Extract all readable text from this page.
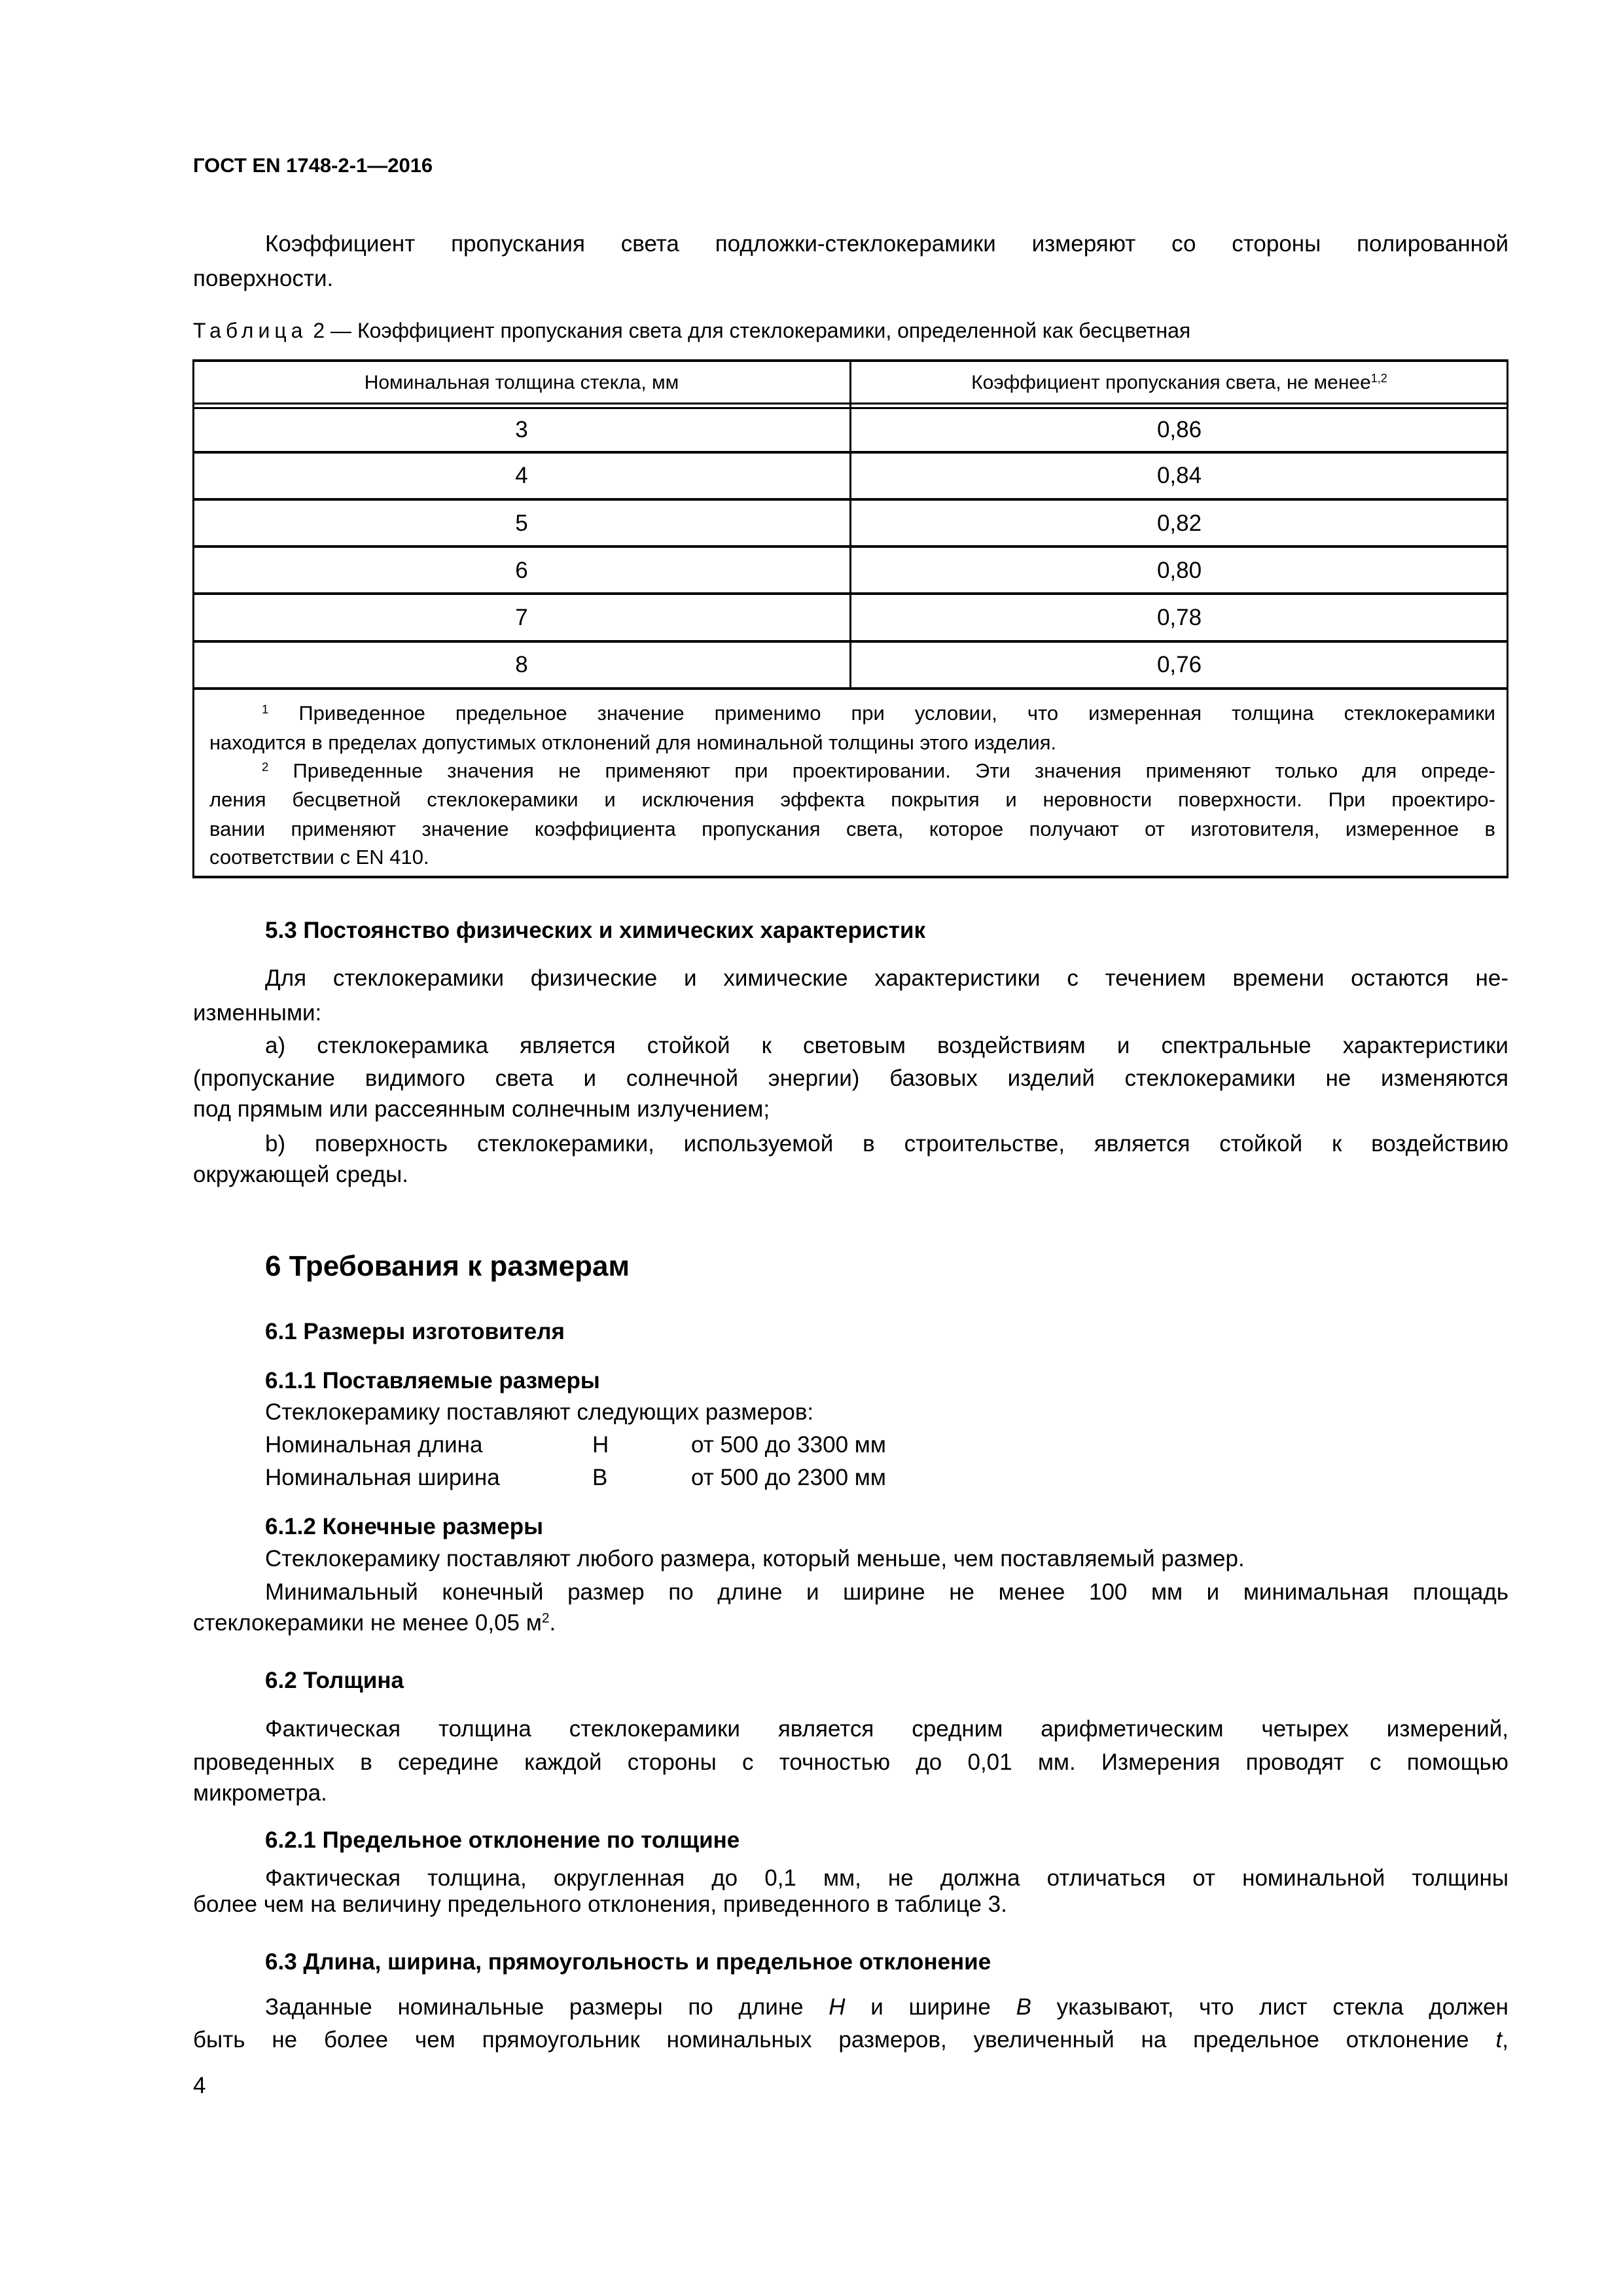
ГОСТ EN 1748-2-1—2016
Коэффициент пропускания света подложки-стеклокерамики измеряют со стороны полированной
поверхности.
Таблица 2 — Коэффициент пропускания света для стеклокерамики, определенной как бесцветная
Номинальная толщина стекла, мм	Коэффициент пропускания света, не менее$^{1,2}$
3	0,86
4	0,84
5	0,82
6	0,80
7	0,78
8	0,76
$^1$ Приведенное предельное значение применимо при условии, что измеренная толщина стеклокерамики
находится в пределах допустимых отклонений для номинальной толщины этого изделия.
$^2$ Приведенные значения не применяют при проектировании. Эти значения применяют только для опреде-
ления бесцветной стеклокерамики и исключения эффекта покрытия и неровности поверхности. При проектиро-
вании применяют значение коэффициента пропускания света, которое получают от изготовителя, измеренное в
соответствии с EN 410.
5.3 Постоянство физических и химических характеристик
Для стеклокерамики физические и химические характеристики с течением времени остаются не-
изменными:
a) стеклокерамика является стойкой к световым воздействиям и спектральные характеристики
(пропускание видимого света и солнечной энергии) базовых изделий стеклокерамики не изменяются
под прямым или рассеянным солнечным излучением;
b) поверхность стеклокерамики, используемой в строительстве, является стойкой к воздействию
окружающей среды.
6 Требования к размерам
6.1 Размеры изготовителя
6.1.1 Поставляемые размеры
Стеклокерамику поставляют следующих размеров:
Номинальная длина	H	от 500 до 3300 мм
Номинальная ширина	B	от 500 до 2300 мм
6.1.2 Конечные размеры
Стеклокерамику поставляют любого размера, который меньше, чем поставляемый размер.
Минимальный конечный размер по длине и ширине не менее 100 мм и минимальная площадь
стеклокерамики не менее 0,05 $м^2$.
6.2 Толщина
Фактическая толщина стеклокерамики является средним арифметическим четырех измерений,
проведенных в середине каждой стороны с точностью до 0,01 мм. Измерения проводят с помощью
микрометра.
6.2.1 Предельное отклонение по толщине
Фактическая толщина, округленная до 0,1 мм, не должна отличаться от номинальной толщины
более чем на величину предельного отклонения, приведенного в таблице 3.
6.3 Длина, ширина, прямоугольность и предельное отклонение
Заданные номинальные размеры по длине H и ширине B указывают, что лист стекла должен
быть не более чем прямоугольник номинальных размеров, увеличенный на предельное отклонение t,
4
